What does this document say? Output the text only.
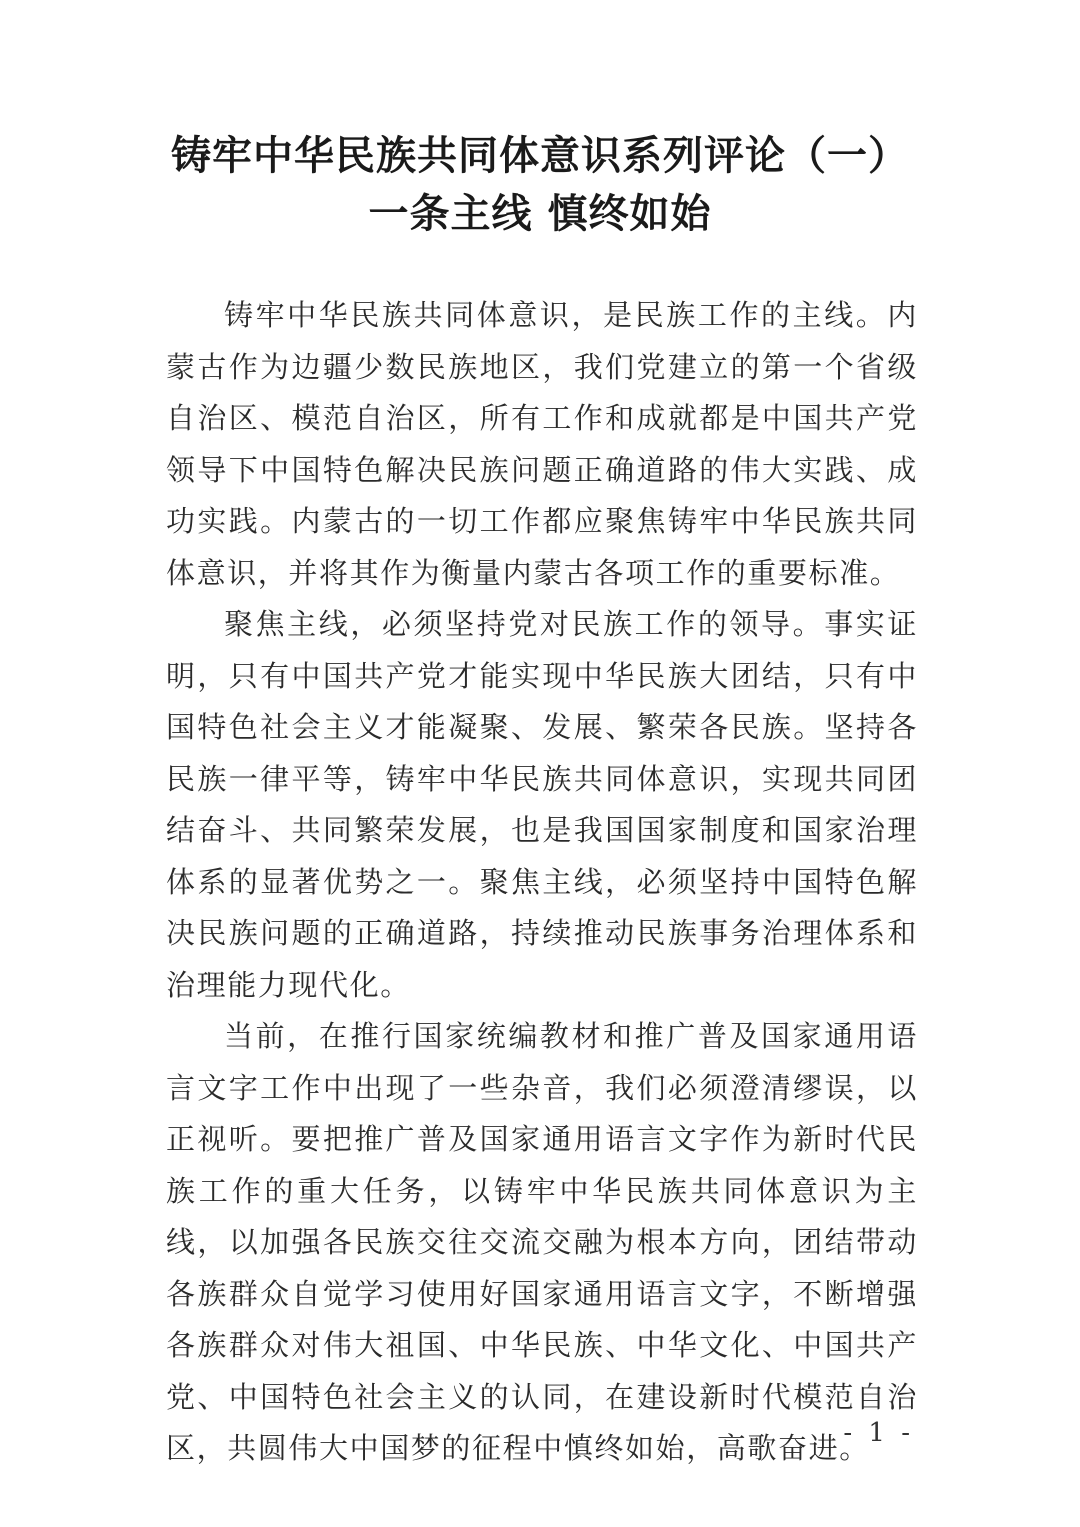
铸牢中华民族共同体意识系列评论（一）
一条主线 慎终如始

铸牢中华民族共同体意识，是民族工作的主线。内蒙古作为边疆少数民族地区，我们党建立的第一个省级自治区、模范自治区，所有工作和成就都是中国共产党领导下中国特色解决民族问题正确道路的伟大实践、成功实践。内蒙古的一切工作都应聚焦铸牢中华民族共同体意识，并将其作为衡量内蒙古各项工作的重要标准。

聚焦主线，必须坚持党对民族工作的领导。事实证明，只有中国共产党才能实现中华民族大团结，只有中国特色社会主义才能凝聚、发展、繁荣各民族。坚持各民族一律平等，铸牢中华民族共同体意识，实现共同团结奋斗、共同繁荣发展，也是我国国家制度和国家治理体系的显著优势之一。聚焦主线，必须坚持中国特色解决民族问题的正确道路，持续推动民族事务治理体系和治理能力现代化。

当前，在推行国家统编教材和推广普及国家通用语言文字工作中出现了一些杂音，我们必须澄清缪误，以正视听。要把推广普及国家通用语言文字作为新时代民族工作的重大任务，以铸牢中华民族共同体意识为主线，以加强各民族交往交流交融为根本方向，团结带动各族群众自觉学习使用好国家通用语言文字，不断增强各族群众对伟大祖国、中华民族、中华文化、中国共产党、中国特色社会主义的认同，在建设新时代模范自治区，共圆伟大中国梦的征程中慎终如始，高歌奋进。

- 1 -
